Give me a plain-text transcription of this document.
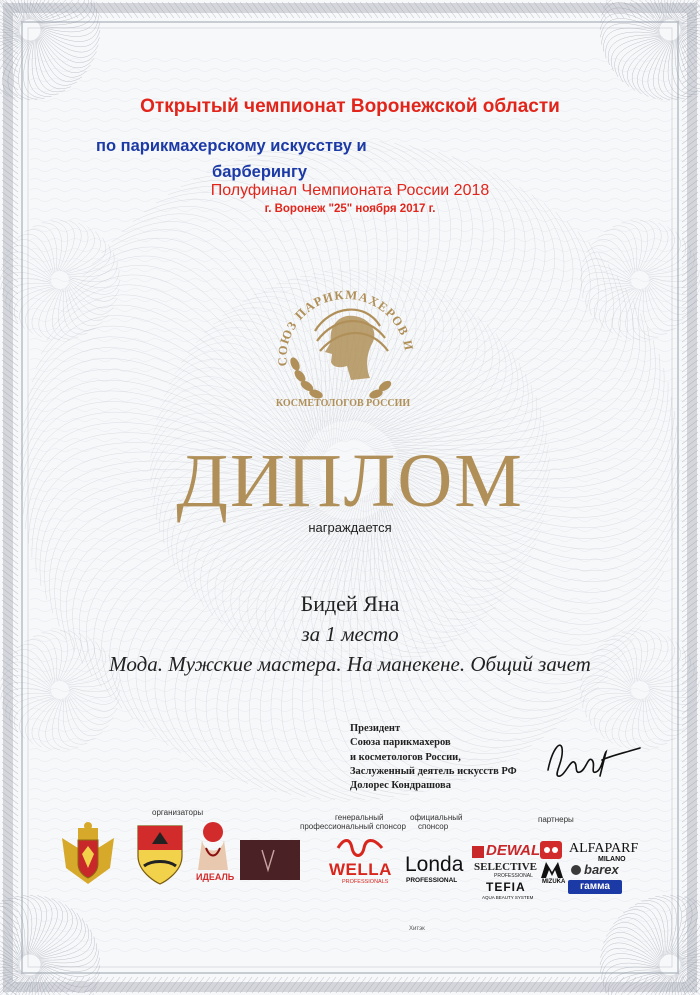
Открытый чемпионат Воронежской области
по парикмахерскому искусству и
барберингу
Полуфинал Чемпионата России 2018
г. Воронеж "25" ноября 2017 г.
СОЮЗ ПАРИКМАХЕРОВ И
КОСМЕТОЛОГОВ РОССИИ
ДИПЛОМ
награждается
Бидей Яна
за 1 место
Мода. Мужские мастера. На манекене. Общий зачет
Президент
Союза парикмахеров
и косметологов России,
Заслуженный деятель искусств РФ
Долорес Кондрашова
организаторы
генеральный
профессиональный спонсор
официальный
спонсор
партнеры
ИДЕАЛЬ	WELLA
PROFESSIONALS
Londa
PROFESSIONAL
DEWAL
SELECTIVE
PROFESSIONAL
TEFIA
AQUA BEAUTY SYSTEM
ALFAPARF
MILANO
MIZUKA
barex
гамма
Хитэк
